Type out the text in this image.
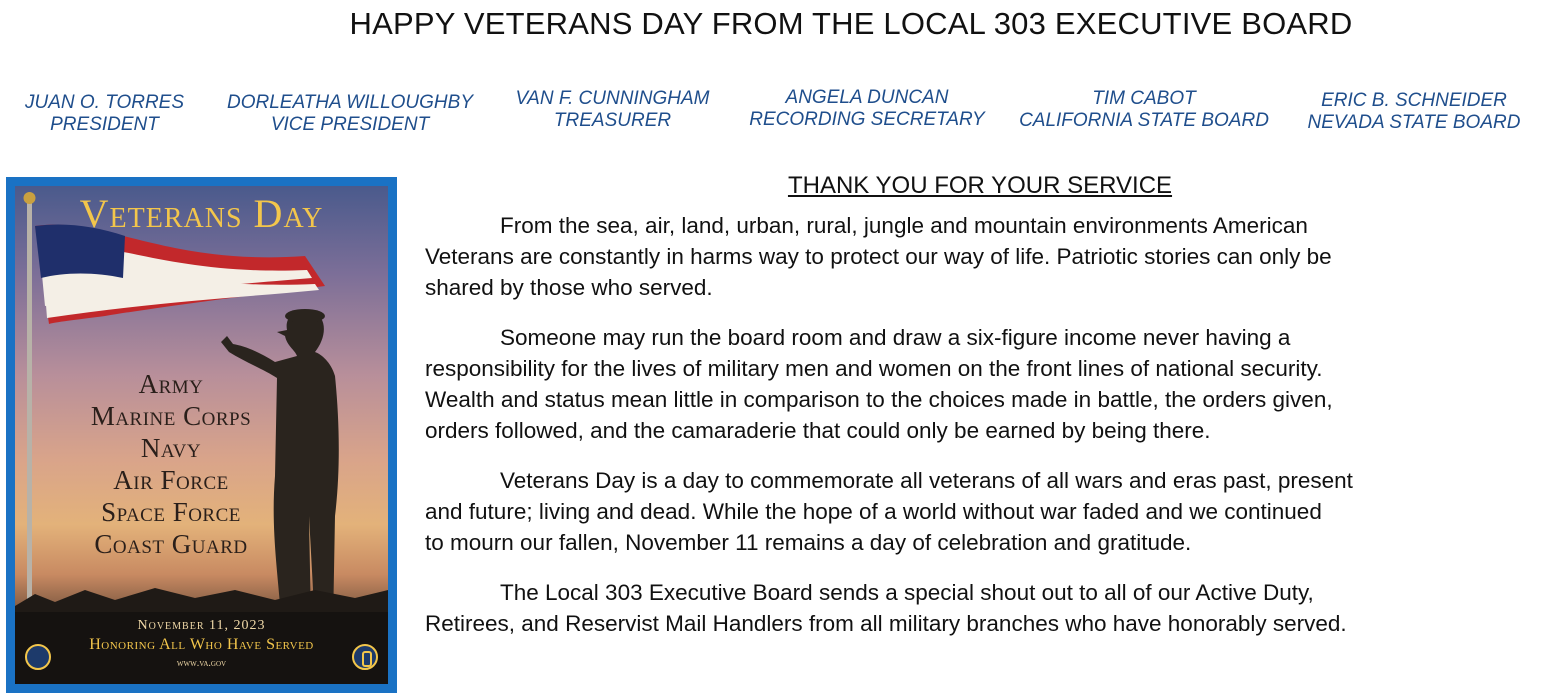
HAPPY VETERANS DAY FROM THE LOCAL 303 EXECUTIVE BOARD
JUAN O. TORRES
PRESIDENT
DORLEATHA WILLOUGHBY
VICE PRESIDENT
VAN F. CUNNINGHAM
TREASURER
ANGELA DUNCAN
RECORDING SECRETARY
TIM CABOT
CALIFORNIA STATE BOARD
ERIC B. SCHNEIDER
NEVADA STATE BOARD
Veterans Day
Army
Marine Corps
Navy
Air Force
Space Force
Coast Guard
November 11, 2023
Honoring All Who Have Served
www.va.gov
THANK YOU FOR YOUR SERVICE
From the sea, air, land, urban, rural, jungle and mountain environments American
Veterans are constantly in harms way to protect our way of life. Patriotic stories can only be
shared by those who served.
Someone may run the board room and draw a six-figure income never having a
responsibility for the lives of military men and women on the front lines of national security.
Wealth and status mean little in comparison to the choices made in battle, the orders given,
orders followed, and the camaraderie that could only be earned by being there.
Veterans Day is a day to commemorate all veterans of all wars and eras past, present
and future; living and dead. While the hope of a world without war faded and we continued
to mourn our fallen, November 11 remains a day of celebration and gratitude.
The Local 303 Executive Board sends a special shout out to all of our Active Duty,
Retirees, and Reservist Mail Handlers from all military branches who have honorably served.
